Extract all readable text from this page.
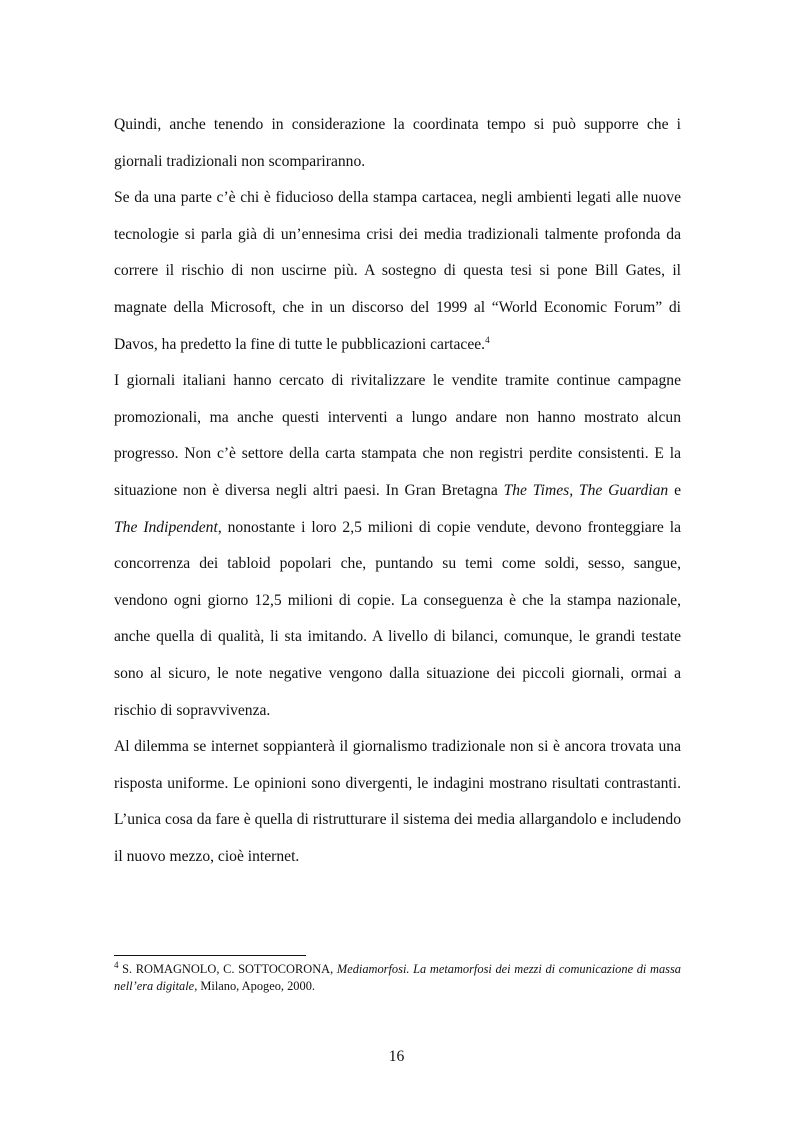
Quindi, anche tenendo in considerazione la coordinata tempo si può supporre che i giornali tradizionali non scompariranno.

Se da una parte c’è chi è fiducioso della stampa cartacea, negli ambienti legati alle nuove tecnologie si parla già di un’ennesima crisi dei media tradizionali talmente profonda da correre il rischio di non uscirne più. A sostegno di questa tesi si pone Bill Gates, il magnate della Microsoft, che in un discorso del 1999 al “World Economic Forum” di Davos, ha predetto la fine di tutte le pubblicazioni cartacee.$^4$

I giornali italiani hanno cercato di rivitalizzare le vendite tramite continue campagne promozionali, ma anche questi interventi a lungo andare non hanno mostrato alcun progresso. Non c’è settore della carta stampata che non registri perdite consistenti. E la situazione non è diversa negli altri paesi. In Gran Bretagna The Times, The Guardian e The Indipendent, nonostante i loro 2,5 milioni di copie vendute, devono fronteggiare la concorrenza dei tabloid popolari che, puntando su temi come soldi, sesso, sangue, vendono ogni giorno 12,5 milioni di copie. La conseguenza è che la stampa nazionale, anche quella di qualità, li sta imitando. A livello di bilanci, comunque, le grandi testate sono al sicuro, le note negative vengono dalla situazione dei piccoli giornali, ormai a rischio di sopravvivenza.

Al dilemma se internet soppianterà il giornalismo tradizionale non si è ancora trovata una risposta uniforme. Le opinioni sono divergenti, le indagini mostrano risultati contrastanti. L’unica cosa da fare è quella di ristrutturare il sistema dei media allargandolo e includendo il nuovo mezzo, cioè internet.

$^4$ S. ROMAGNOLO, C. SOTTOCORONA, Mediamorfosi. La metamorfosi dei mezzi di comunicazione di massa nell’era digitale, Milano, Apogeo, 2000.
16
